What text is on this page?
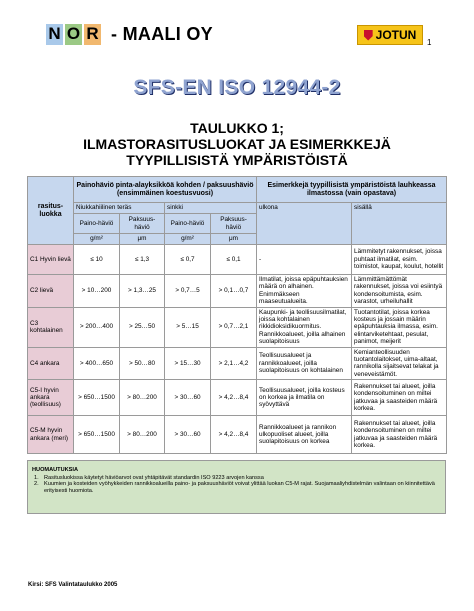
N O R - MAALI OY	JOTUN
1
SFS-EN ISO 12944-2
TAULUKKO 1;
ILMASTORASITUSLUOKAT JA ESIMERKKEJÄ
TYYPILLISISTÄ YMPÄRISTÖISTÄ
rasitus-luokka	Painohäviö pinta-alayksikköä kohden / paksuushäviö (ensimmäinen koestusvuosi)				Esimerkkejä tyypillisistä ympäristöistä lauhkeassa ilmastossa (vain opastava)	
	Niukkahiilinen teräs		sinkki		ulkona	sisällä
	Paino-häviö	Paksuus-häviö	Paino-häviö	Paksuus-häviö		
	g/m²	μm	g/m²	μm		
C1 Hyvin lievä	≤ 10	≤ 1,3	≤ 0,7	≤ 0,1	-	Lämmitetyt rakennukset, joissa puhtaat ilmatilat, esim. toimistot, kaupat, koulut, hotellit
C2 lievä	> 10…200	> 1,3…25	> 0,7…5	> 0,1…0,7	Ilmatilat, joissa epäpuhtauksien määrä on alhainen. Enimmäkseen maaseutualueita.	Lämmittämättömät rakennukset, joissa voi esiintyä kondensoitumista, esim. varastot, urheiluhallit
C3 kohtalainen	> 200…400	> 25…50	> 5…15	> 0,7…2,1	Kaupunki- ja teollisuusilmatilat, joissa kohtalainen rikkidioksidikuormitus. Rannikkoalueet, joilla alhainen suolapitoisuus	Tuotantotilat, joissa korkea kosteus ja jossain määrin epäpuhtauksia ilmassa, esim. elintarviketehtaat, pesulat, panimot, meijerit
C4 ankara	> 400…650	> 50…80	> 15…30	> 2,1…4,2	Teollisuusalueet ja rannikkoalueet, joilla suolapitoisuus on kohtalainen	Kemianteollisuuden tuotantolaitokset, uima-altaat, rannikolla sijaitsevat telakat ja veneveistämöt.
C5-I hyvin ankara (teollisuus)	> 650…1500	> 80…200	> 30…60	> 4,2…8,4	Teollisuusalueet, joilla kosteus on korkea ja ilmatila on syövyttävä	Rakennukset tai alueet, joilla kondensoituminen on miltei jatkuvaa ja saasteiden määrä korkea.
C5-M hyvin ankara (meri)	> 650…1500	> 80…200	> 30…60	> 4,2…8,4	Rannikkoalueet ja rannikon ulkopuoliset alueet, joilla suolapitoisuus on korkea	Rakennukset tai alueet, joilla kondensoituminen on miltei jatkuvaa ja saasteiden määrä korkea.
HUOMAUTUKSIA
1. Rasitusluokissa käytetyt häviöarvot ovat yhtäpitävät standardin ISO 9223 arvojen kanssa
2. Kuumien ja kosteiden vyöhykkeiden rannikkoalueilla paino- ja paksuushäviöt voivat ylittää luokan C5-M rajat. Suojamaaliyhdistelmän valintaan on kiinnitettävä erityisesti huomiota.
Kirsi: SFS Valintataulukko 2005
